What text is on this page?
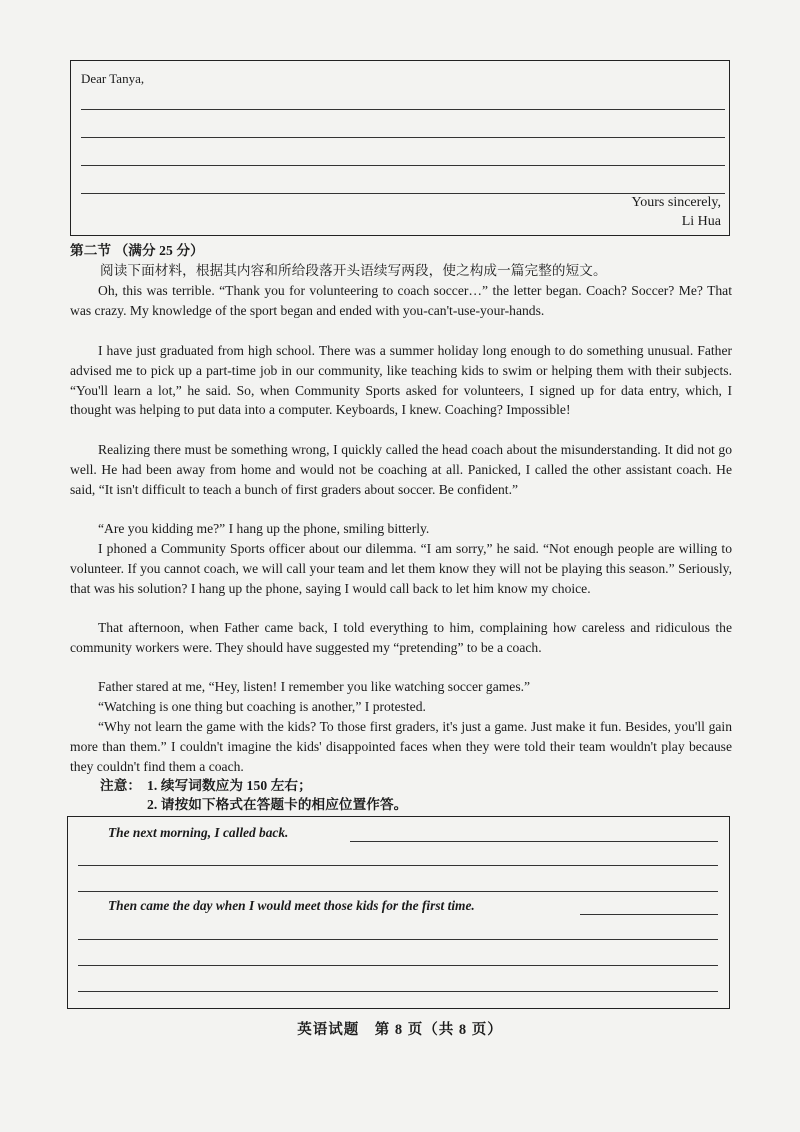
Dear Tanya,
Yours sincerely,
Li Hua
第二节 （满分 25 分）
阅读下面材料，根据其内容和所给段落开头语续写两段，使之构成一篇完整的短文。

Oh, this was terrible. “Thank you for volunteering to coach soccer…” the letter began. Coach? Soccer? Me? That was crazy. My knowledge of the sport began and ended with you-can't-use-your-hands.

I have just graduated from high school. There was a summer holiday long enough to do something unusual. Father advised me to pick up a part-time job in our community, like teaching kids to swim or helping them with their subjects. “You'll learn a lot,” he said. So, when Community Sports asked for volunteers, I signed up for data entry, which, I thought was helping to put data into a computer. Keyboards, I knew. Coaching? Impossible!

Realizing there must be something wrong, I quickly called the head coach about the misunderstanding. It did not go well. He had been away from home and would not be coaching at all. Panicked, I called the other assistant coach. He said, “It isn't difficult to teach a bunch of first graders about soccer. Be confident.”

“Are you kidding me?” I hang up the phone, smiling bitterly.

I phoned a Community Sports officer about our dilemma. “I am sorry,” he said. “Not enough people are willing to volunteer. If you cannot coach, we will call your team and let them know they will not be playing this season.” Seriously, that was his solution? I hang up the phone, saying I would call back to let him know my choice.

That afternoon, when Father came back, I told everything to him, complaining how careless and ridiculous the community workers were. They should have suggested my “pretending” to be a coach.

Father stared at me, “Hey, listen! I remember you like watching soccer games.”

“Watching is one thing but coaching is another,” I protested.

“Why not learn the game with the kids? To those first graders, it's just a game. Just make it fun. Besides, you'll gain more than them.” I couldn't imagine the kids' disappointed faces when they were told their team wouldn't play because they couldn't find them a coach.

注意： 1. 续写词数应为 150 左右；
2. 请按如下格式在答题卡的相应位置作答。
The next morning, I called back.
Then came the day when I would meet those kids for the first time.
英语试题　第 8 页（共 8 页）
